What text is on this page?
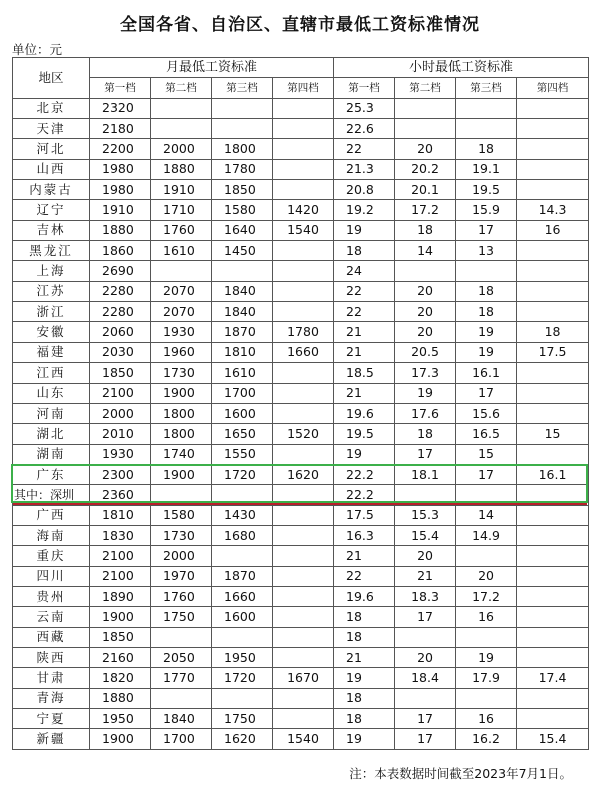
全国各省、自治区、直辖市最低工资标准情况
单位：元
地区	月最低工资标准				小时最低工资标准			
	第一档	第二档	第三档	第四档	第一档	第二档	第三档	第四档
北京	2320				25.3			
天津	2180				22.6			
河北	2200	2000	1800		22	20	18	
山西	1980	1880	1780		21.3	20.2	19.1	
内蒙古	1980	1910	1850		20.8	20.1	19.5	
辽宁	1910	1710	1580	1420	19.2	17.2	15.9	14.3
吉林	1880	1760	1640	1540	19	18	17	16
黑龙江	1860	1610	1450		18	14	13	
上海	2690				24			
江苏	2280	2070	1840		22	20	18	
浙江	2280	2070	1840		22	20	18	
安徽	2060	1930	1870	1780	21	20	19	18
福建	2030	1960	1810	1660	21	20.5	19	17.5
江西	1850	1730	1610		18.5	17.3	16.1	
山东	2100	1900	1700		21	19	17	
河南	2000	1800	1600		19.6	17.6	15.6	
湖北	2010	1800	1650	1520	19.5	18	16.5	15
湖南	1930	1740	1550		19	17	15	
广东	2300	1900	1720	1620	22.2	18.1	17	16.1
其中：深圳	2360				22.2			
广西	1810	1580	1430		17.5	15.3	14	
海南	1830	1730	1680		16.3	15.4	14.9	
重庆	2100	2000			21	20		
四川	2100	1970	1870		22	21	20	
贵州	1890	1760	1660		19.6	18.3	17.2	
云南	1900	1750	1600		18	17	16	
西藏	1850				18			
陕西	2160	2050	1950		21	20	19	
甘肃	1820	1770	1720	1670	19	18.4	17.9	17.4
青海	1880				18			
宁夏	1950	1840	1750		18	17	16	
新疆	1900	1700	1620	1540	19	17	16.2	15.4
注：本表数据时间截至2023年7月1日。
